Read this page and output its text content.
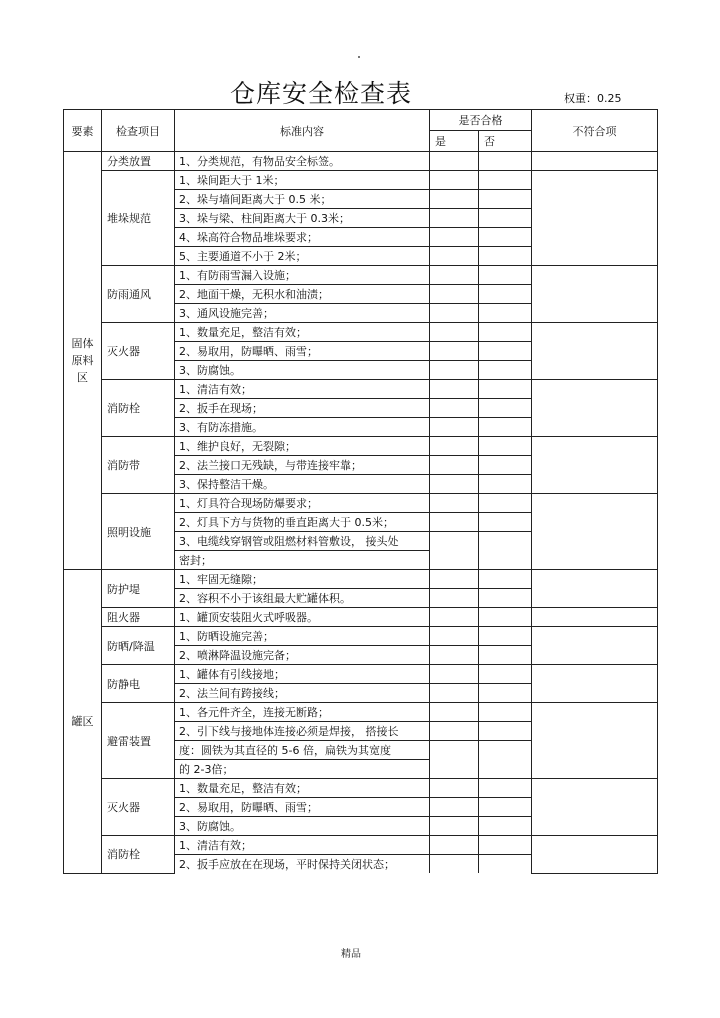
仓库安全检查表	权重：0.25
要素	检查项目	标准内容	是否合格		不符合项
			是	否	
固体原料区	分类放置	1、分类规范，有物品安全标签。			
	堆垛规范	1、垛间距大于 1米；			
		2、垛与墙间距离大于 0.5 米；			
		3、垛与梁、柱间距离大于 0.3米；			
		4、垛高符合物品堆垛要求；			
		5、主要通道不小于 2米；			
	防雨通风	1、有防雨雪漏入设施；			
		2、地面干燥，无积水和油渍；			
		3、通风设施完善；			
	灭火器	1、数量充足，整洁有效；			
		2、易取用，防曝晒、雨雪；			
		3、防腐蚀。			
	消防栓	1、清洁有效；			
		2、扳手在现场；			
		3、有防冻措施。			
	消防带	1、维护良好，无裂隙；			
		2、法兰接口无残缺，与带连接牢靠；			
		3、保持整洁干燥。			
	照明设施	1、灯具符合现场防爆要求；			
		2、灯具下方与货物的垂直距离大于 0.5米；			
		3、电缆线穿钢管或阻燃材料管敷设， 接头处			
		密封；			
罐区	防护堤	1、牢固无缝隙；			
		2、容积不小于该组最大贮罐体积。			
	阻火器	1、罐顶安装阻火式呼吸器。			
	防晒/降温	1、防晒设施完善；			
		2、喷淋降温设施完备；			
	防静电	1、罐体有引线接地；			
		2、法兰间有跨接线；			
	避雷装置	1、各元件齐全，连接无断路；			
		2、引下线与接地体连接必须是焊接， 搭接长			
		度：圆铁为其直径的 5-6 倍，扁铁为其宽度			
		的 2-3倍；			
	灭火器	1、数量充足，整洁有效；			
		2、易取用，防曝晒、雨雪；			
		3、防腐蚀。			
	消防栓	1、清洁有效；			
		2、扳手应放在在现场，平时保持关闭状态；			
精品
